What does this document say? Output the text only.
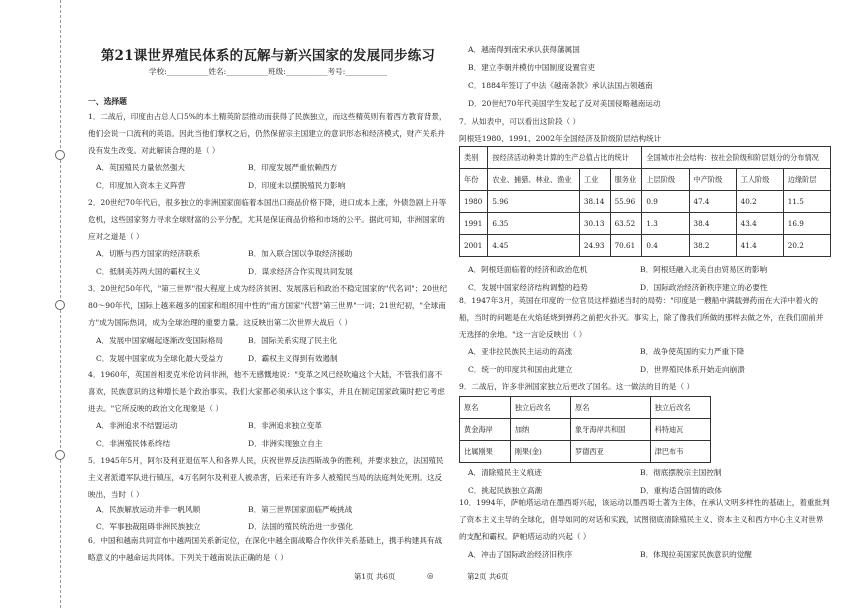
第21课世界殖民体系的瓦解与新兴国家的发展同步练习
学校:___________姓名:___________班级:___________考号:___________
一、选择题
1．二战后，印度由占总人口5%的本土精英阶层推动而获得了民族独立，而这些精英则有着西方教育背景，他们会说一口流利的英语。因此当他们掌权之后，仍然保留宗主国建立的意识形态和经济模式，财产关系并没有发生改变。对此解读合理的是（ ）
A．英国殖民力量依然强大	B．印度发展严重依赖西方
C．印度加入资本主义阵营	D．印度未以摆脱殖民力影响
2．20世纪70年代后，很多独立的非洲国家面临着本国出口商品价格下降，进口成本上涨，外债急剧上升等危机，这些国家努力寻求全球财富的公平分配，尤其是保证商品价格和市场的公平。据此可知，非洲国家的应对之道是（ ）
A．切断与西方国家的经济联系	B．加入联合国以争取经济援助
C．抵制美苏两大国的霸权主义	D．谋求经济合作实现共同发展
3．20世纪50年代，"第三世界"很大程度上成为经济贫困、发展落后和政治不稳定国家的"代名词"；20世纪80～90年代，国际上越来越多的国家和组织用中性的"南方国家"代替"第三世界"一词；21世纪初，"全球南方"成为国际热词，成为全球治理的重要力量。这反映出第二次世界大战后（ ）
A．发展中国家崛起逐渐改变国际格局	B．国际关系实现了民主化
C．发展中国家成为全球化最大受益方	D．霸权主义得到有效遏制
4．1960年，英国首相麦克米伦访问非洲，他不无感慨地说："变革之风已经吹遍这个大陆，不管我们喜不喜欢，民族意识的这种增长是个政治事实。我们大家都必须承认这个事实，并且在制定国家政策时把它考虑进去。"它所反映的政治文化现象是（ ）
A．非洲追求不结盟运动	B．非洲追求独立变革
C．非洲殖民体系终结	D．非洲实现独立自主
5．1945年5月，阿尔及利亚退伍军人和各界人民，庆祝世界反法西斯战争的胜利，并要求独立，法国殖民主义者派遣军队进行镇压，4万名阿尔及利亚人被杀害，后来还有许多人被殖民当局的法庭判处死刑。这反映出，当时（ ）
A．民族解放运动并非一帆风顺	B．第三世界国家面临严峻挑战
C．军事独裁阻碍非洲民族独立	D．法国的殖民统治进一步强化
6．中国和越南共同宣布中越两国关系新定位，在深化中越全面战略合作伙伴关系基础上，携手构建具有战略意义的中越命运共同体。下列关于越南说法正确的是（ ）
A．越南得到南宋承认获得藩属国
B．建立李朝并模仿中国制度设置官吏
C．1884年签订了中法《越南条款》承认法国占领越南
D．20世纪70年代美国学生发起了反对美国侵略越南运动
7．从如表中，可以看出这阶段（ ）
阿根廷1980、1991、2002年全国经济及阶级阶层结构统计
类别	按经济活动种类计算的生产总值占比的统计			全国城市社会结构：按社会阶级和阶层划分的分布情况			
年份	农业、捕猎、林业、渔业	工业	服务业	上层阶级	中产阶级	工人阶级	边缘阶层
1980	5.96	38.14	55.96	0.9	47.4	40.2	11.5
1991	6.35	30.13	63.52	1.3	38.4	43.4	16.9
2001	4.45	24.93	70.61	0.4	38.2	41.4	20.2
A．阿根廷面临着的经济和政治危机	B．阿根廷融入北美自由贸易区的影响
C．发展中国家经济结构调整的趋势	D．国际政治经济新秩序建立的必要性
8．1947年3月，英国在印度的一位官员这样描述当时的局势："印度是一艘船中满载弹药而在大洋中着火的船，当时的问题是在火焰延烧到弹药之前把火扑灭。事实上，除了像我们所做的那样去做之外，在我们面前并无选择的余地。"这一言论反映出（ ）
A．亚非拉民族民主运动的高涨	B．战争使英国的实力严重下降
C．统一的印度共和国由此建立	D．世界殖民体系开始走向崩溃
9．二战后，许多非洲国家独立后更改了国名。这一做法的目的是（ ）
原名	独立后改名	原名	独立后改名
黄金海岸	加纳	象牙海岸共和国	科特迪瓦
比属刚果	刚果(金)	罗德西亚	津巴布韦
A．清除殖民主义痕迹	B．彻底摆脱宗主国控制
C．挑起民族独立高潮	D．重构适合国情的政体
10．1994年，萨帕塔运动在墨西哥兴起，该运动以墨西哥土著为主体，在承认文明多样性的基础上，着重批判了资本主义主导的全球化，倡导如同的对话和实践，试图彻底清除殖民主义、资本主义和西方中心主义对世界的支配和霸权。萨帕塔运动的兴起（ ）
A．冲击了国际政治经济旧秩序	B．体现拉美国家民族意识的觉醒
第1页 共6页	◎	第2页 共6页
